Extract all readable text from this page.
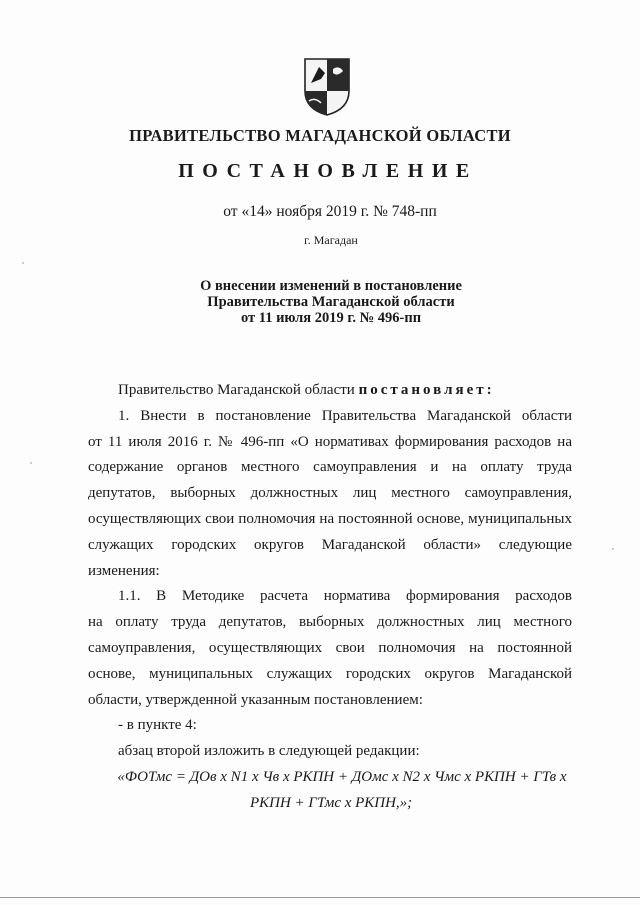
ПРАВИТЕЛЬСТВО МАГАДАНСКОЙ ОБЛАСТИ
ПОСТАНОВЛЕНИЕ
от «14» ноября 2019 г. № 748-пп
г. Магадан
О внесении изменений в постановление
Правительства Магаданской области
от 11 июля 2019 г. № 496-пп

Правительство Магаданской области постановляет:

1. Внести в постановление Правительства Магаданской области

от 11 июля 2016 г. № 496-пп «О нормативах формирования расходов на содержание органов местного самоуправления и на оплату труда депутатов, выборных должностных лиц местного самоуправления, осуществляющих свои полномочия на постоянной основе, муниципальных служащих городских округов Магаданской области» следующие изменения:

1.1. В Методике расчета норматива формирования расходов

на оплату труда депутатов, выборных должностных лиц местного самоуправления, осуществляющих свои полномочия на постоянной основе, муниципальных служащих городских округов Магаданской области, утвержденной указанным постановлением:

- в пункте 4:

абзац второй изложить в следующей редакции:

«ФОТмс = ДОв х N1 х Чв х РКПН + ДОмс х N2 х Чмс х РКПН + ГТв х

РКПН + ГТмс х РКПН,»;
